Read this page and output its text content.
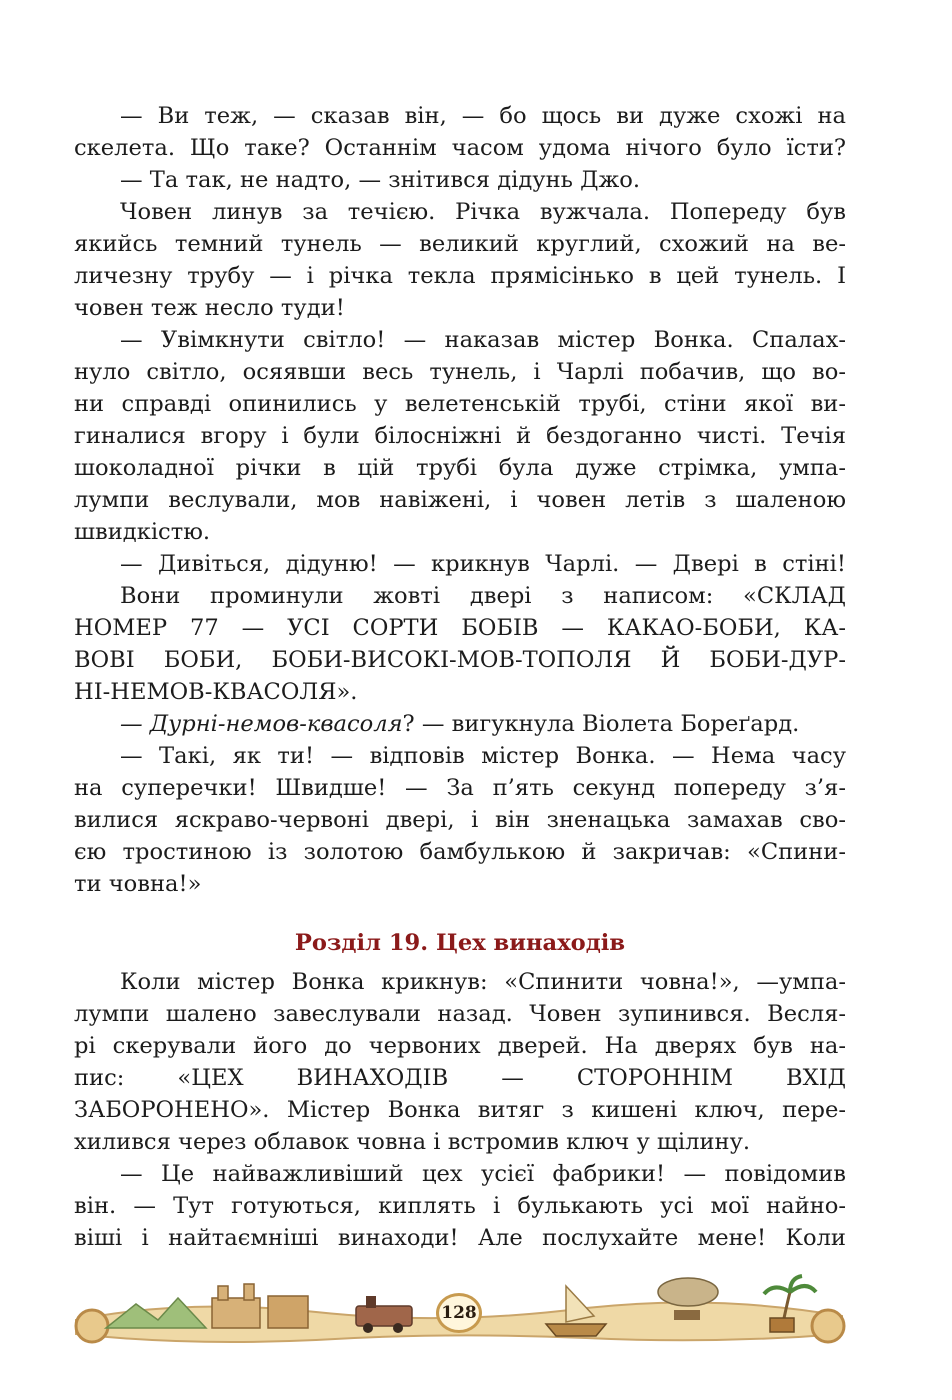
— Ви теж, — сказав він, — бо щось ви дуже схожі на
скелета. Що таке? Останнім часом удома нічого було їсти?
— Та так, не надто, — знітився дідунь Джо.
Човен линув за течією. Річка вужчала. Попереду був
якийсь темний тунель — великий круглий, схожий на ве-
личезну трубу — і річка текла прямісінько в цей тунель. І
човен теж несло туди!
— Увімкнути світло! — наказав містер Вонка. Спалах-
нуло світло, осяявши весь тунель, і Чарлі побачив, що во-
ни справді опинились у велетенській трубі, стіни якої ви-
гиналися вгору і були білосніжні й бездоганно чисті. Течія
шоколадної річки в цій трубі була дуже стрімка, умпа-
лумпи веслували, мов навіжені, і човен летів з шаленою
швидкістю.
— Дивіться, дідуню! — крикнув Чарлі. — Двері в стіні!
Вони проминули жовті двері з написом: «СКЛАД
НОМЕР 77 — УСІ СОРТИ БОБІВ — КАКАО-БОБИ, КА-
ВОВІ БОБИ, БОБИ-ВИСОКІ-МОВ-ТОПОЛЯ Й БОБИ-ДУР-
НІ-НЕМОВ-КВАСОЛЯ».
— Дурні-немов-квасоля? — вигукнула Віолета Бореґард.
— Такі, як ти! — відповів містер Вонка. — Нема часу
на суперечки! Швидше! — За п’ять секунд попереду з’я-
вилися яскраво-червоні двері, і він зненацька замахав сво-
єю тростиною із золотою бамбулькою й закричав: «Спини-
ти човна!»
Розділ 19. Цех винаходів
Коли містер Вонка крикнув: «Спинити човна!», —умпа-
лумпи шалено завеслували назад. Човен зупинився. Весля-
рі скерували його до червоних дверей. На дверях був на-
пис: «ЦЕХ ВИНАХОДІВ — СТОРОННІМ ВХІД
ЗАБОРОНЕНО». Містер Вонка витяг з кишені ключ, пере-
хилився через облавок човна і встромив ключ у щілину.
— Це найважливіший цех усієї фабрики! — повідомив
він. — Тут готуються, киплять і булькають усі мої найно-
віші і найтаємніші винаходи! Але послухайте мене! Коли
128
